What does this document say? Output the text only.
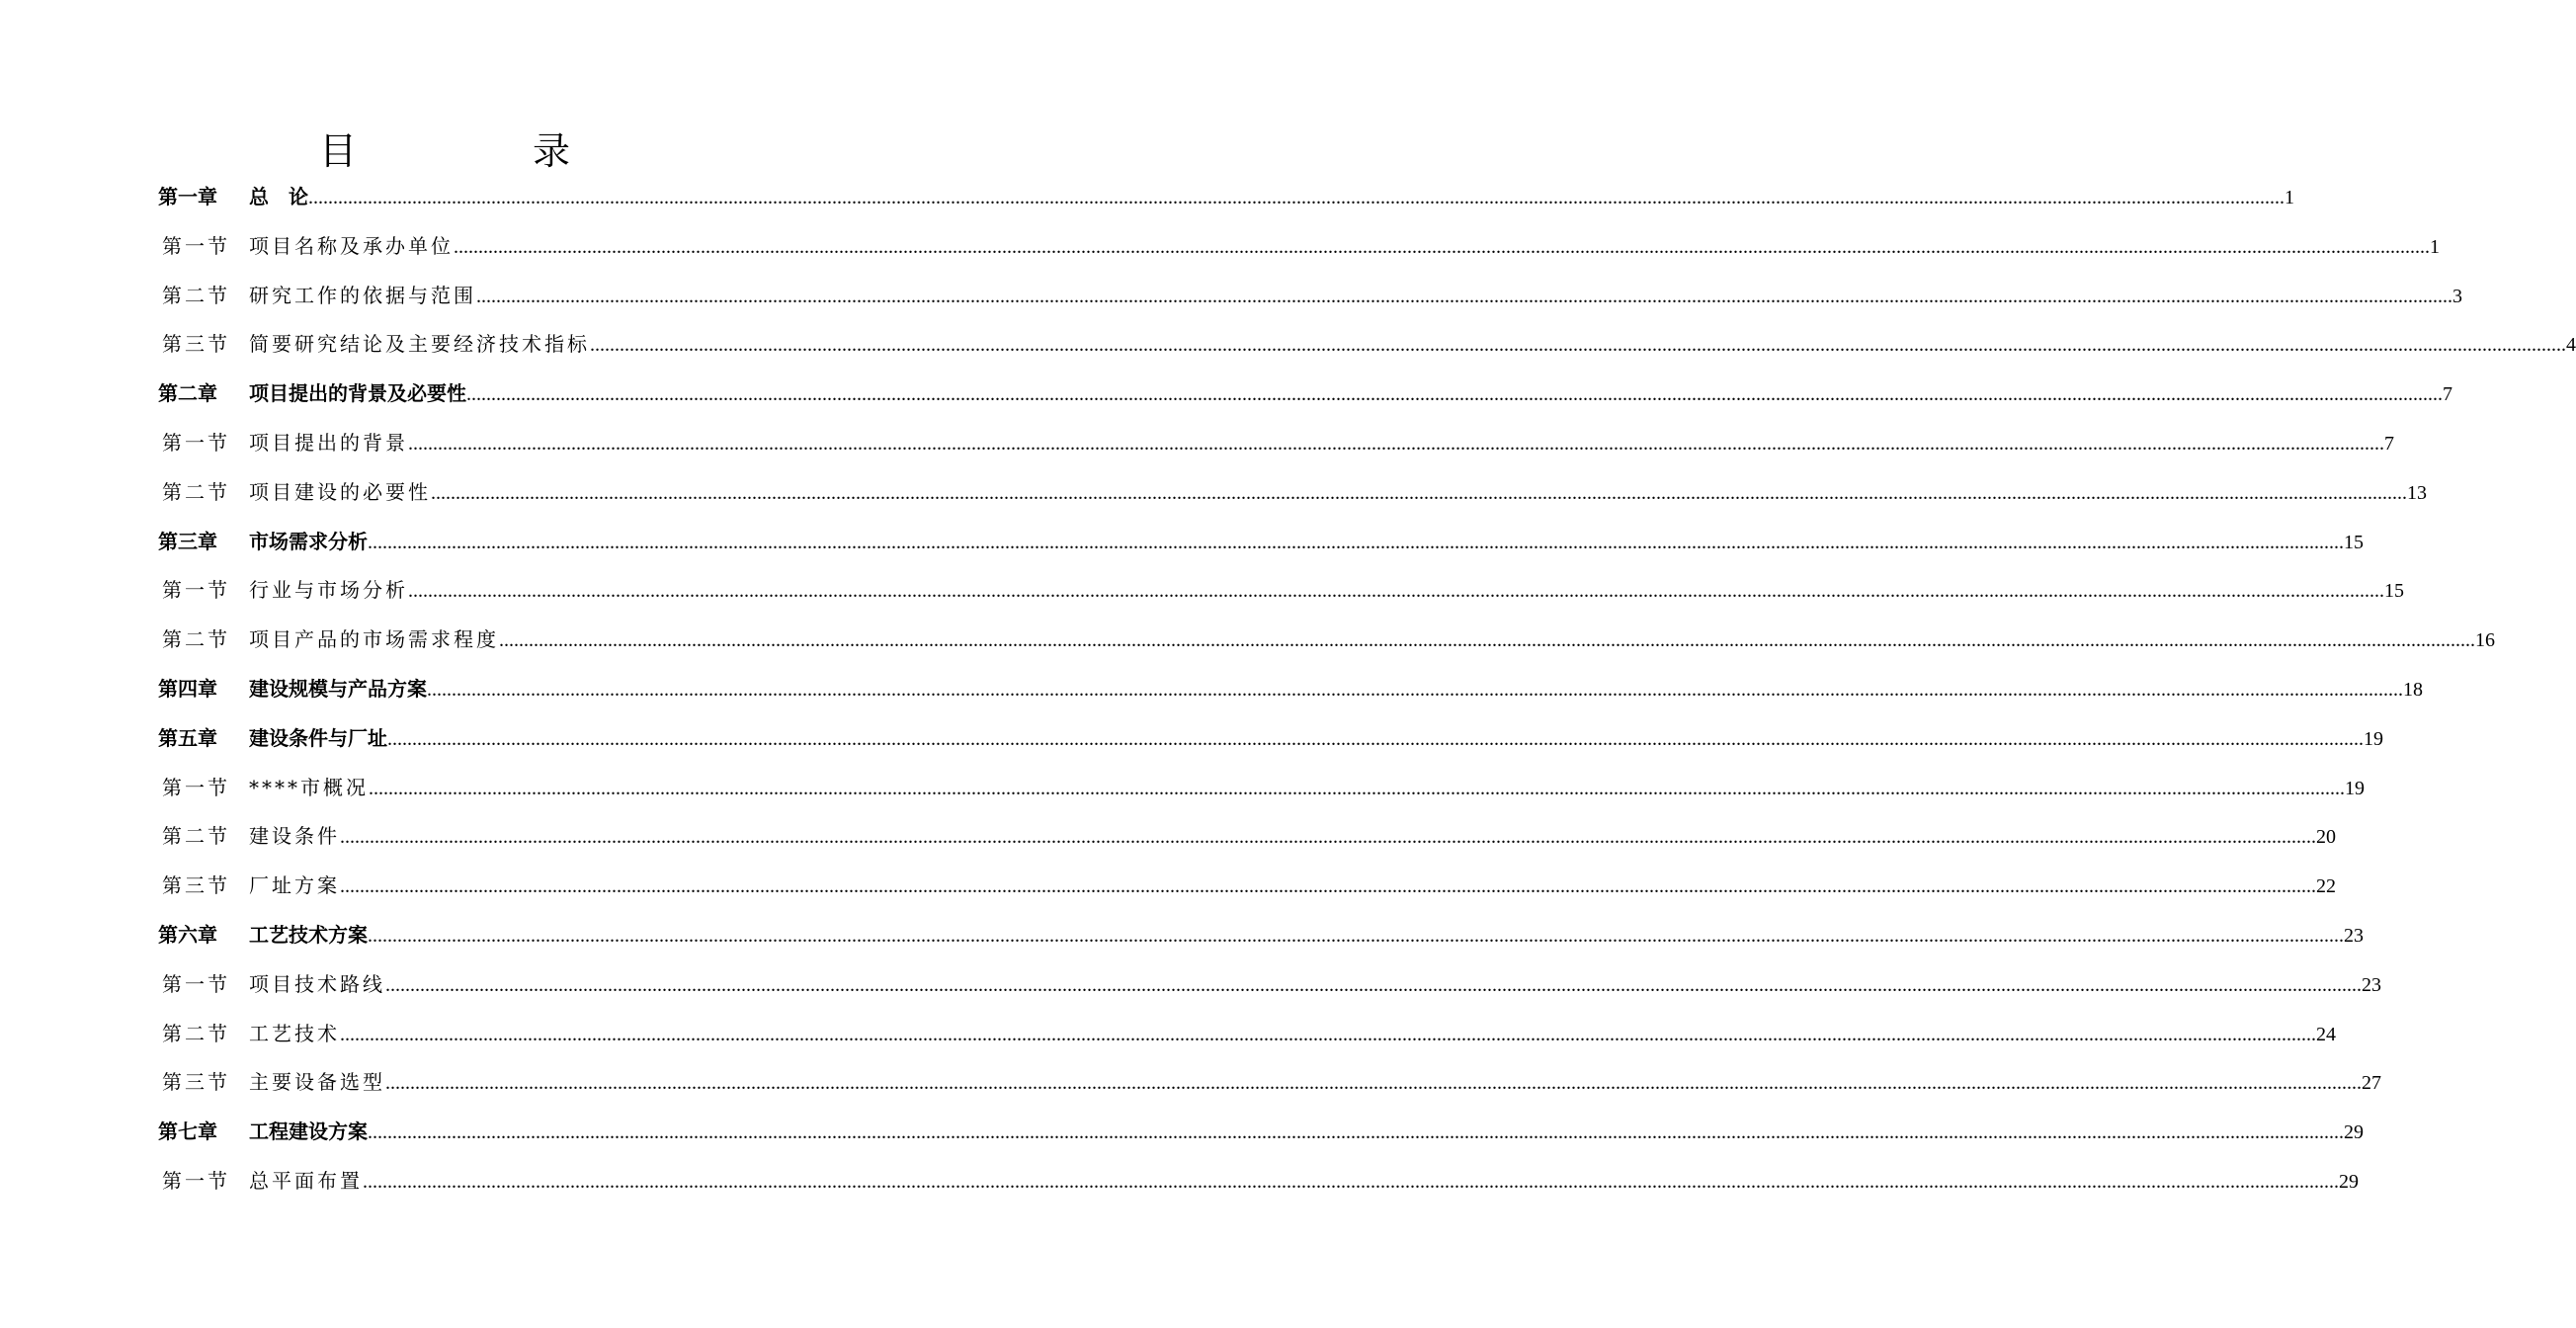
目　录
第一章	总　论 ................................................................................................................................................................................................................................................................................................................................................................................................................ 1
第一节 项目名称及承办单位 ................................................................................................................................................................................................................................................................................................................................................................................................................ 1
第二节 研究工作的依据与范围 ................................................................................................................................................................................................................................................................................................................................................................................................................ 3
第三节 简要研究结论及主要经济技术指标 ................................................................................................................................................................................................................................................................................................................................................................................................................ 4
第二章	项目提出的背景及必要性 ................................................................................................................................................................................................................................................................................................................................................................................................................ 7
第一节 项目提出的背景 ................................................................................................................................................................................................................................................................................................................................................................................................................ 7
第二节 项目建设的必要性 ................................................................................................................................................................................................................................................................................................................................................................................................................ 13
第三章	市场需求分析 ................................................................................................................................................................................................................................................................................................................................................................................................................ 15
第一节 行业与市场分析 ................................................................................................................................................................................................................................................................................................................................................................................................................ 15
第二节 项目产品的市场需求程度 ................................................................................................................................................................................................................................................................................................................................................................................................................ 16
第四章	建设规模与产品方案 ................................................................................................................................................................................................................................................................................................................................................................................................................ 18
第五章	建设条件与厂址 ................................................................................................................................................................................................................................................................................................................................................................................................................ 19
第一节 ****市概况 ................................................................................................................................................................................................................................................................................................................................................................................................................ 19
第二节 建设条件 ................................................................................................................................................................................................................................................................................................................................................................................................................ 20
第三节 厂址方案 ................................................................................................................................................................................................................................................................................................................................................................................................................ 22
第六章	工艺技术方案 ................................................................................................................................................................................................................................................................................................................................................................................................................ 23
第一节 项目技术路线 ................................................................................................................................................................................................................................................................................................................................................................................................................ 23
第二节 工艺技术 ................................................................................................................................................................................................................................................................................................................................................................................................................ 24
第三节 主要设备选型 ................................................................................................................................................................................................................................................................................................................................................................................................................ 27
第七章	工程建设方案 ................................................................................................................................................................................................................................................................................................................................................................................................................ 29
第一节 总平面布置 ................................................................................................................................................................................................................................................................................................................................................................................................................ 29
